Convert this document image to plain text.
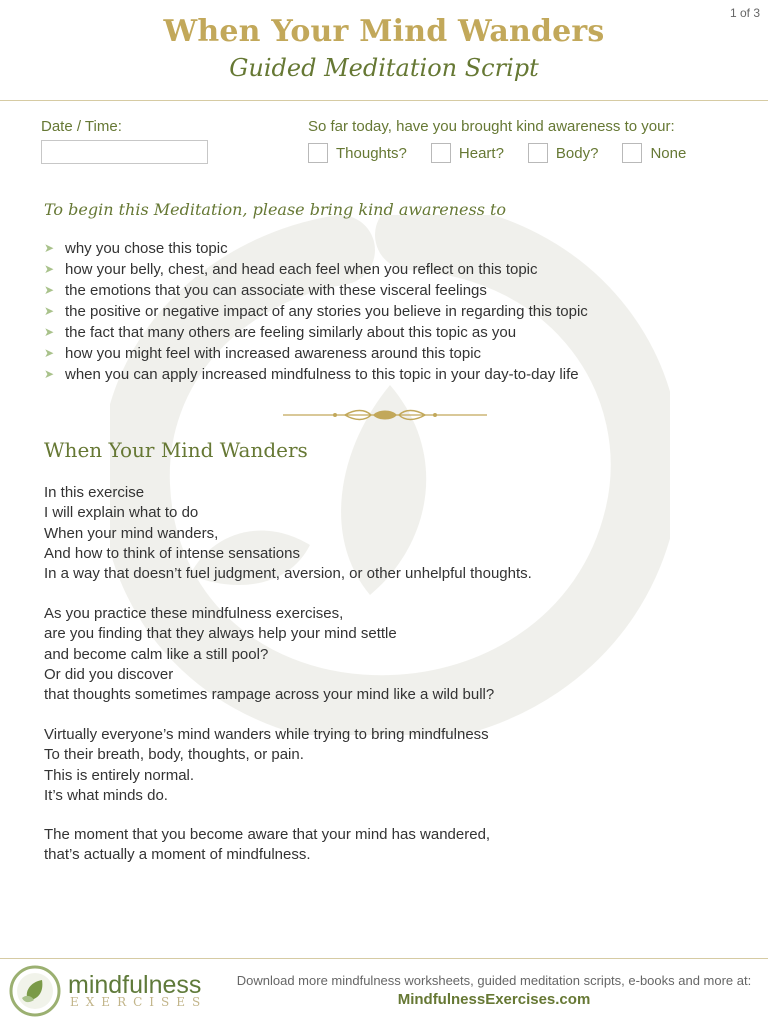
1 of 3
When Your Mind Wanders
Guided Meditation Script
Date / Time:	So far today, have you brought kind awareness to your:
Thoughts?	Heart?	Body?	None
To begin this Meditation, please bring kind awareness to
➤ why you chose this topic
➤ how your belly, chest, and head each feel when you reflect on this topic
➤ the emotions that you can associate with these visceral feelings
➤ the positive or negative impact of any stories you believe in regarding this topic
➤ the fact that many others are feeling similarly about this topic as you
➤ how you might feel with increased awareness around this topic
➤ when you can apply increased mindfulness to this topic in your day-to-day life
When Your Mind Wanders
In this exercise
I will explain what to do
When your mind wanders,
And how to think of intense sensations
In a way that doesn’t fuel judgment, aversion, or other unhelpful thoughts.
As you practice these mindfulness exercises,
are you finding that they always help your mind settle
and become calm like a still pool?
Or did you discover
that thoughts sometimes rampage across your mind like a wild bull?
Virtually everyone’s mind wanders while trying to bring mindfulness
To their breath, body, thoughts, or pain.
This is entirely normal.
It’s what minds do.
The moment that you become aware that your mind has wandered,
that’s actually a moment of mindfulness.
mindfulness
EXERCISES
Download more mindfulness worksheets, guided meditation scripts, e-books and more at:
MindfulnessExercises.com
